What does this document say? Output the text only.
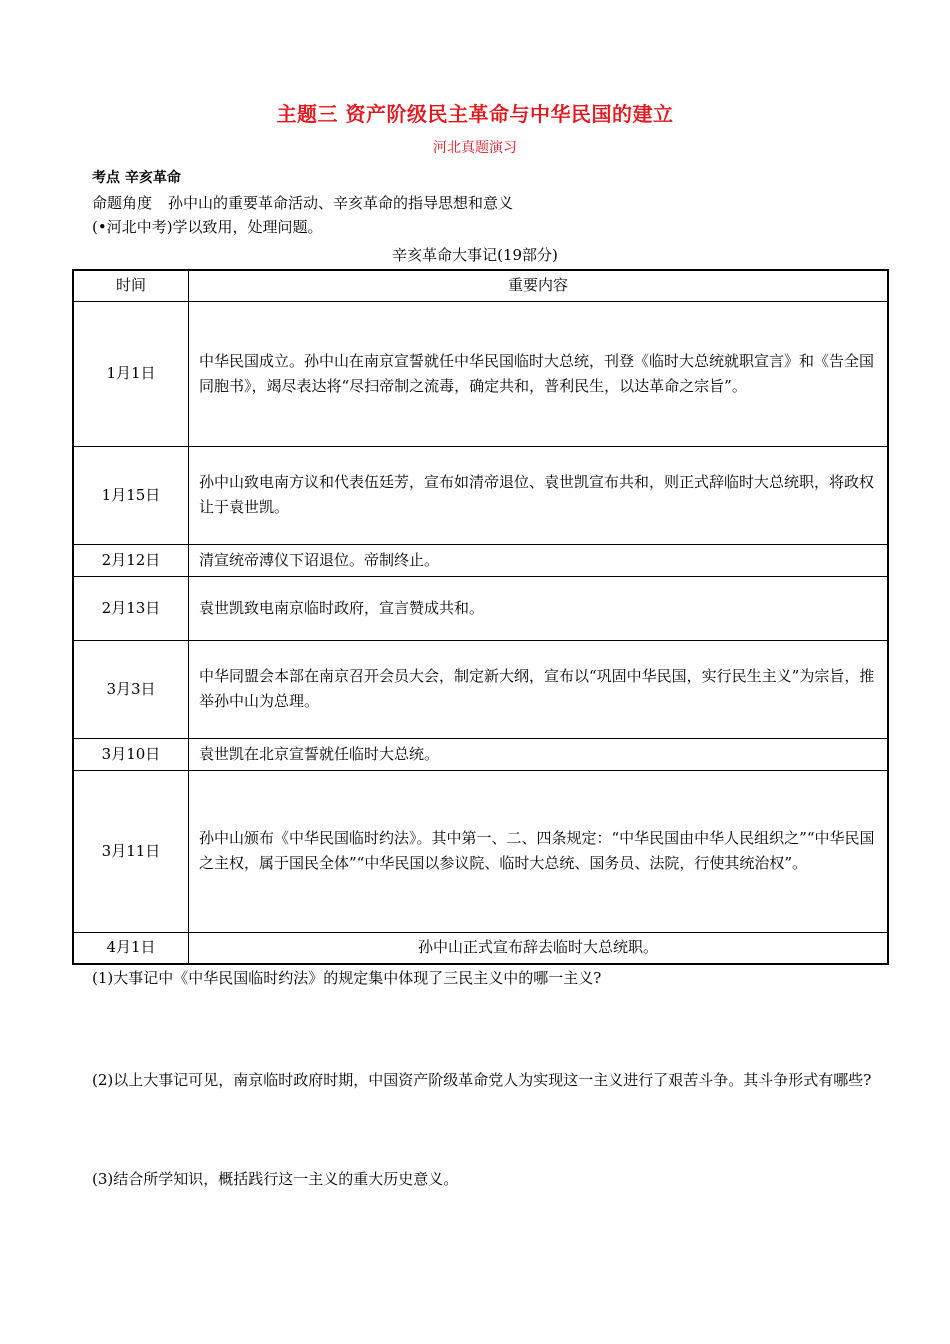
主题三 资产阶级民主革命与中华民国的建立
河北真题演习
考点 辛亥革命
命题角度 孙中山的重要革命活动、辛亥革命的指导思想和意义
(•河北中考)学以致用，处理问题。
辛亥革命大事记(19部分)
时间	重要内容
1月1日	中华民国成立。孙中山在南京宣誓就任中华民国临时大总统，刊登《临时大总统就职宣言》和《告全国同胞书》，竭尽表达将“尽扫帝制之流毒，确定共和，普利民生，以达革命之宗旨”。
1月15日	孙中山致电南方议和代表伍廷芳，宣布如清帝退位、袁世凯宣布共和，则正式辞临时大总统职，将政权让于袁世凯。
2月12日	清宣统帝溥仪下诏退位。帝制终止。
2月13日	袁世凯致电南京临时政府，宣言赞成共和。
3月3日	中华同盟会本部在南京召开会员大会，制定新大纲，宣布以“巩固中华民国，实行民生主义”为宗旨，推举孙中山为总理。
3月10日	袁世凯在北京宣誓就任临时大总统。
3月11日	孙中山颁布《中华民国临时约法》。其中第一、二、四条规定：“中华民国由中华人民组织之”“中华民国之主权，属于国民全体”“中华民国以参议院、临时大总统、国务员、法院，行使其统治权”。
4月1日	孙中山正式宣布辞去临时大总统职。
(1)大事记中《中华民国临时约法》的规定集中体现了三民主义中的哪一主义?
(2)以上大事记可见，南京临时政府时期，中国资产阶级革命党人为实现这一主义进行了艰苦斗争。其斗争形式有哪些?
(3)结合所学知识，概括践行这一主义的重大历史意义。
